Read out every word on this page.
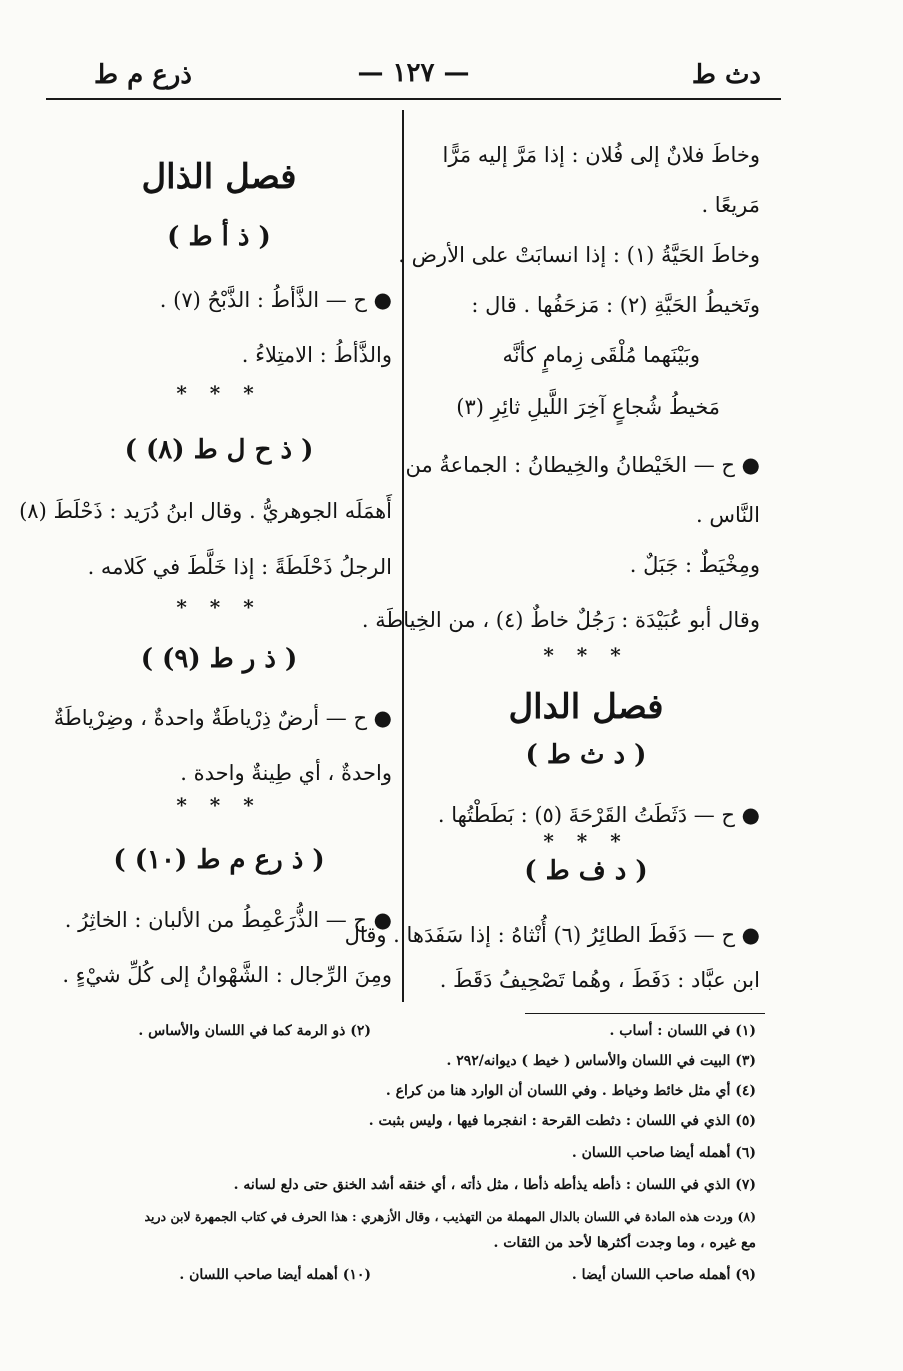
دث ط
— ١٢٧ —
ذرع م ط
وخاطَ فلانٌ إلى فُلان : إذا مَرَّ إليه مَرًّا
مَريعًا .
وخاطَ الحَيَّةُ (١) : إذا انسابَتْ على الأرض .
وتَخيطُ الحَيَّةِ (٢) : مَزحَفُها . قال :
وبَيْنَهما مُلْقَى زِمامٍ كأنَّه
مَخيطُ شُجاعٍ آخِرَ اللَّيلِ ثائِرِ (٣)
● ح — الخَيْطانُ والخِيطانُ : الجماعةُ من
النَّاس .
ومِخْيَطٌ : جَبَلٌ .
وقال أبو عُبَيْدَة : رَجُلٌ خاطٌ (٤) ، من الخِياطَة .
* * *
فصل الدال
( د ث ط )
● ح — دَثَطَتُ القَرْحَةَ (٥) : بَطَطْتُها .
* * *
( د ف ط )
● ح — دَفَطَ الطائِرُ (٦) أُنْثاهُ : إذا سَفَدَها . وقال
ابن عبَّاد : دَفَطَ ، وهُما تَصْحِيفُ دَقَطَ .
فصل الذال
( ذ أ ط )
● ح — الذَّأطُ : الذَّبْحُ (٧) .
والذَّأطُ : الامتِلاءُ .
* * *
( ذ ح ل ط (٨) )
أَهمَلَه الجوهريُّ . وقال ابنُ دُرَيد : ذَحْلَطَ (٨)
الرجلُ ذَحْلَطَةً : إذا خَلَّطَ في كَلامه .
* * *
( ذ ر ط (٩) )
● ح — أرضٌ ذِرْياطَةٌ واحدةٌ ، وضِرْياطَةٌ
واحدةٌ ، أي طِينةٌ واحدة .
* * *
( ذ رع م ط (١٠) )
● ح — الذُّرَعْمِطُ من الألبان : الخاثِرُ .
ومِنَ الرِّجال : الشَّهْوانُ إلى كُلِّ شيْءٍ .
(١) في اللسان : أساب .
(٢) ذو الرمة كما في اللسان والأساس .
(٣) البيت في اللسان والأساس ( خيط ) ديوانه/٢٩٢ .
(٤) أي مثل خائط وخياط . وفي اللسان أن الوارد هنا من كراع .
(٥) الذي في اللسان : دثطت القرحة : انفجرما فيها ، وليس بثبت .
(٦) أهمله أيضا صاحب اللسان .
(٧) الذي في اللسان : ذأطه يذأطه ذأطا ، مثل ذأته ، أي خنقه أشد الخنق حتى دلع لسانه .
(٨) وردت هذه المادة في اللسان بالدال المهملة من التهذيب ، وقال الأزهري : هذا الحرف في كتاب الجمهرة لابن دريد
مع غيره ، وما وجدت أكثرها لأحد من الثقات .
(٩) أهمله صاحب اللسان أيضا .
(١٠) أهمله أيضا صاحب اللسان .
